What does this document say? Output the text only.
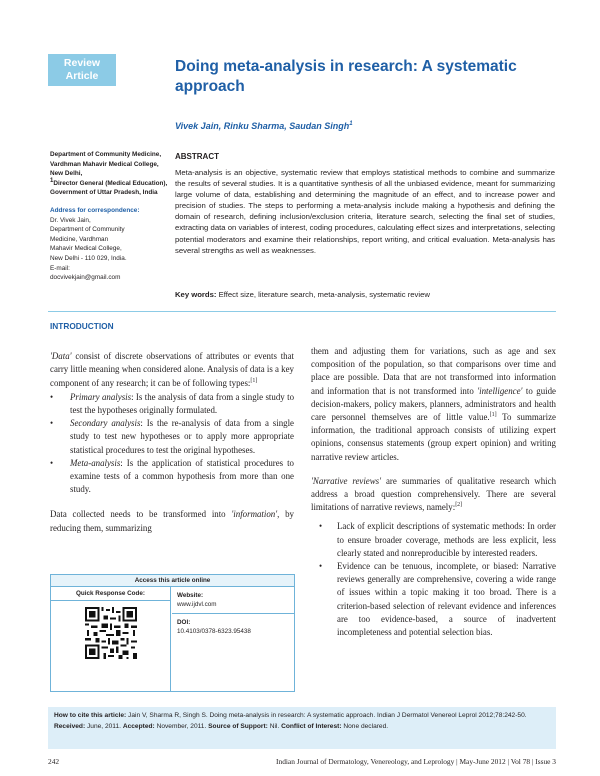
Review Article
Doing meta-analysis in research: A systematic approach
Vivek Jain, Rinku Sharma, Saudan Singh$^1$

Department of Community Medicine, Vardhman Mahavir Medical College, New Delhi,

$^1$Director General (Medical Education), Government of Uttar Pradesh, India

Address for correspondence:

Dr. Vivek Jain,

Department of Community

Medicine, Vardhman

Mahavir Medical College,

New Delhi - 110 029, India.

E-mail:

docvivekjain@gmail.com

ABSTRACT
Meta-analysis is an objective, systematic review that employs statistical methods to combine and summarize the results of several studies. It is a quantitative synthesis of all the unbiased evidence, meant for summarizing large volume of data, establishing and determining the magnitude of an effect, and to increase power and precision of studies. The steps to performing a meta-analysis include making a hypothesis and defining the domain of research, defining inclusion/exclusion criteria, literature search, selecting the final set of studies, extracting data on variables of interest, coding procedures, calculating effect sizes and interpretations, selecting potential moderators and examine their relationships, report writing, and critical evaluation. Meta-analysis has several strengths as well as weaknesses.
Key words: Effect size, literature search, meta-analysis, systematic review
INTRODUCTION

'Data' consist of discrete observations of attributes or events that carry little meaning when considered alone. Analysis of data is a key component of any research; it can be of following types:[1]

•	Primary analysis: Is the analysis of data from a single study to test the hypotheses originally formulated.
•	Secondary analysis: Is the re-analysis of data from a single study to test new hypotheses or to apply more appropriate statistical procedures to test the original hypotheses.
•	Meta-analysis: Is the application of statistical procedures to examine tests of a common hypothesis from more than one study.

Data collected needs to be transformed into 'information', by reducing them, summarizing

them and adjusting them for variations, such as age and sex composition of the population, so that comparisons over time and place are possible. Data that are not transformed into information and information that is not transformed into 'intelligence' to guide decision-makers, policy makers, planners, administrators and health care personnel themselves are of little value.[1] To summarize information, the traditional approach consists of utilizing expert opinions, consensus statements (group expert opinion) and writing narrative review articles.

'Narrative reviews' are summaries of qualitative research which address a broad question comprehensively. There are several limitations of narrative reviews, namely:[2]

•	Lack of explicit descriptions of systematic methods: In order to ensure broader coverage, methods are less explicit, less clearly stated and nonreproducible by interested readers.
•	Evidence can be tenuous, incomplete, or biased: Narrative reviews generally are comprehensive, covering a wide range of issues within a topic making it too broad. There is a criterion-based selection of relevant evidence and inferences are too evidence-based, a source of inadvertent incompleteness and potential selection bias.
Access this article online
Quick Response Code:	Website:
www.ijdvl.com
DOI:
10.4103/0378-6323.95438
How to cite this article: Jain V, Sharma R, Singh S. Doing meta-analysis in research: A systematic approach. Indian J Dermatol Venereol Leprol 2012;78:242-50.
Received: June, 2011. Accepted: November, 2011. Source of Support: Nil. Conflict of Interest: None declared.
242	Indian Journal of Dermatology, Venereology, and Leprology | May-June 2012 | Vol 78 | Issue 3
